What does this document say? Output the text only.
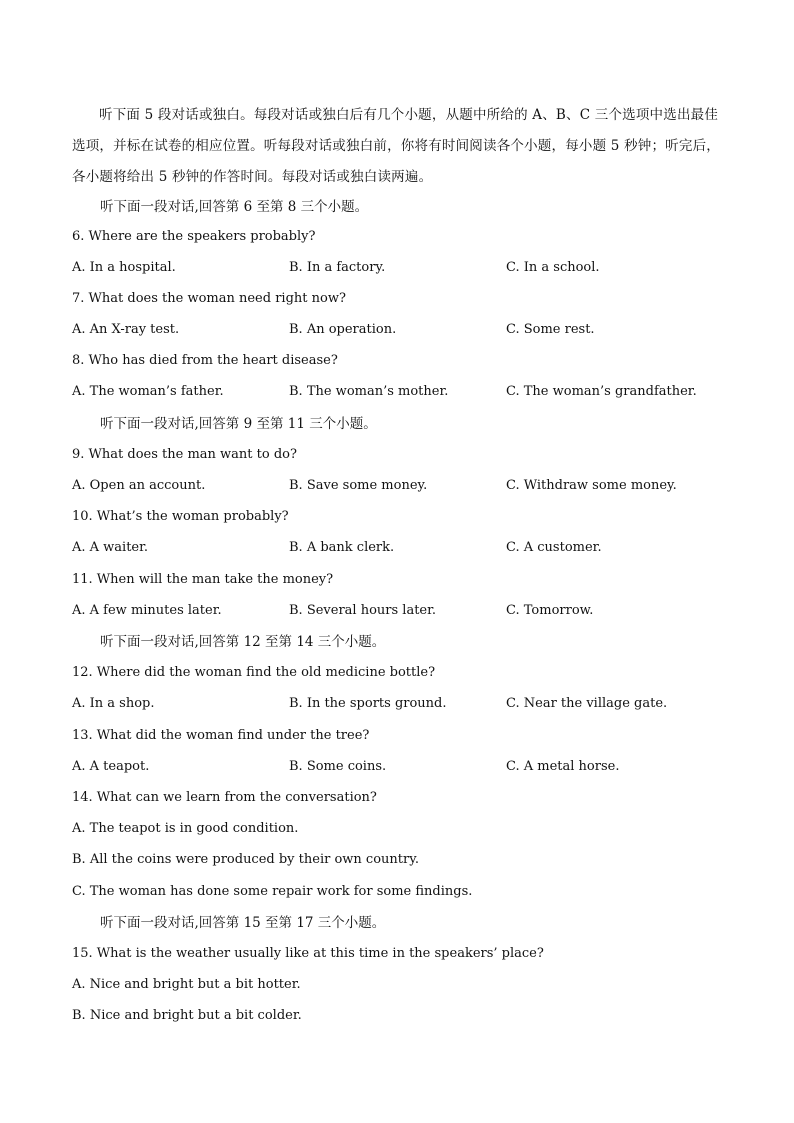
听下面 5 段对话或独白。每段对话或独白后有几个小题，从题中所给的 A、B、C 三个选项中选出最佳选项，并标在试卷的相应位置。听每段对话或独白前，你将有时间阅读各个小题，每小题 5 秒钟；听完后，各小题将给出 5 秒钟的作答时间。每段对话或独白读两遍。
听下面一段对话,回答第 6 至第 8 三个小题。
6. Where are the speakers probably?
A. In a hospital.	B. In a factory.	C. In a school.
7. What does the woman need right now?
A. An X-ray test.	B. An operation.	C. Some rest.
8. Who has died from the heart disease?
A. The woman’s father.	B. The woman’s mother.	C. The woman’s grandfather.
听下面一段对话,回答第 9 至第 11 三个小题。
9. What does the man want to do?
A. Open an account.	B. Save some money.	C. Withdraw some money.
10. What’s the woman probably?
A. A waiter.	B. A bank clerk.	C. A customer.
11. When will the man take the money?
A. A few minutes later.	B. Several hours later.	C. Tomorrow.
听下面一段对话,回答第 12 至第 14 三个小题。
12. Where did the woman find the old medicine bottle?
A. In a shop.	B. In the sports ground.	C. Near the village gate.
13. What did the woman find under the tree?
A. A teapot.	B. Some coins.	C. A metal horse.
14. What can we learn from the conversation?
A. The teapot is in good condition.
B. All the coins were produced by their own country.
C. The woman has done some repair work for some findings.
听下面一段对话,回答第 15 至第 17 三个小题。
15. What is the weather usually like at this time in the speakers’ place?
A. Nice and bright but a bit hotter.
B. Nice and bright but a bit colder.
